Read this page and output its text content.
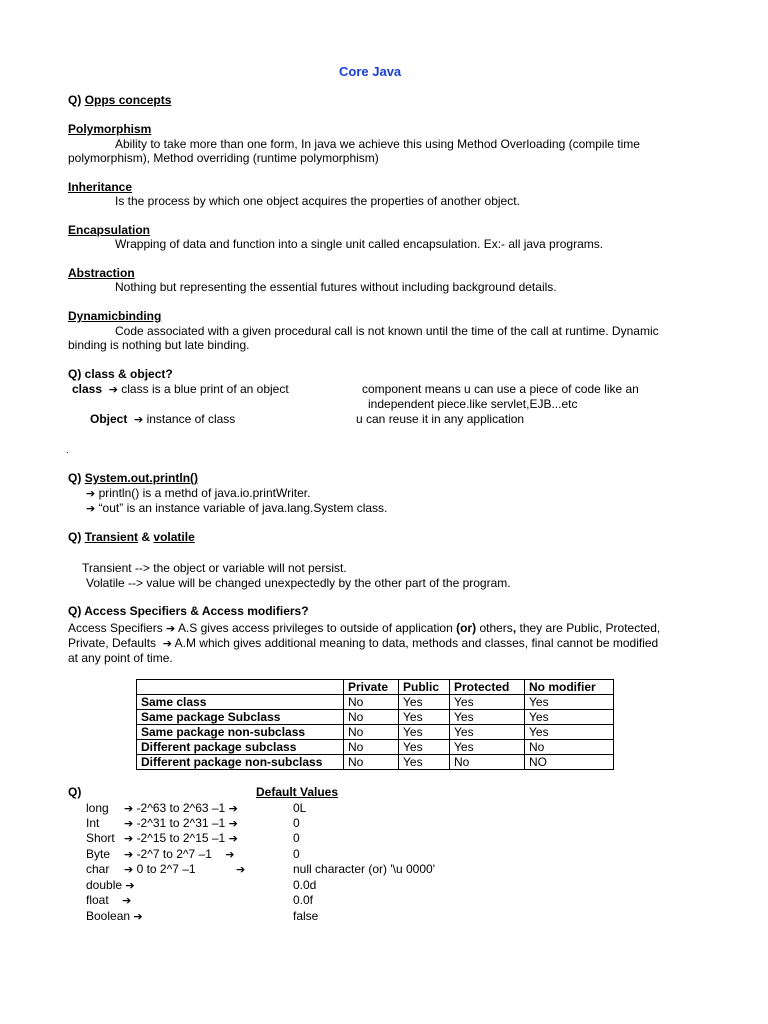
Core Java
Q) Opps concepts
Polymorphism
Ability to take more than one form, In java we achieve this using Method Overloading (compile time
polymorphism), Method overriding (runtime polymorphism)
Inheritance
Is the process by which one object acquires the properties of another object.
Encapsulation
Wrapping of data and function into a single unit called encapsulation. Ex:- all java programs.
Abstraction
Nothing but representing the essential futures without including background details.
Dynamicbinding
Code associated with a given procedural call is not known until the time of the call at runtime. Dynamic
binding is nothing but late binding.
Q) class & object?
class ➔ class is a blue print of an object	component means u can use a piece of code like an
independent piece.like servlet,EJB...etc
Object ➔ instance of class	u can reuse it in any application
.
Q) System.out.println()
➔ println() is a methd of java.io.printWriter.
➔ “out” is an instance variable of java.lang.System class.
Q) Transient & volatile
Transient --> the object or variable will not persist.
Volatile --> value will be changed unexpectedly by the other part of the program.
Q) Access Specifiers & Access modifiers?
Access Specifiers ➔ A.S gives access privileges to outside of application (or) others, they are Public, Protected,
Private, Defaults ➔ A.M which gives additional meaning to data, methods and classes, final cannot be modified
at any point of time.
	Private	Public	Protected	No modifier
Same class	No	Yes	Yes	Yes
Same package Subclass	No	Yes	Yes	Yes
Same package non-subclass	No	Yes	Yes	Yes
Different package subclass	No	Yes	Yes	No
Different package non-subclass	No	Yes	No	NO
Q)	Default Values
long ➔ -2^63 to 2^63 –1 ➔	0L
Int ➔ -2^31 to 2^31 –1 ➔	0
Short ➔ -2^15 to 2^15 –1 ➔	0
Byte ➔ -2^7 to 2^7 –1 ➔	0
char ➔ 0 to 2^7 –1	➔	null character (or) '\u 0000'
double ➔	0.0d
float ➔	0.0f
Boolean ➔	false
